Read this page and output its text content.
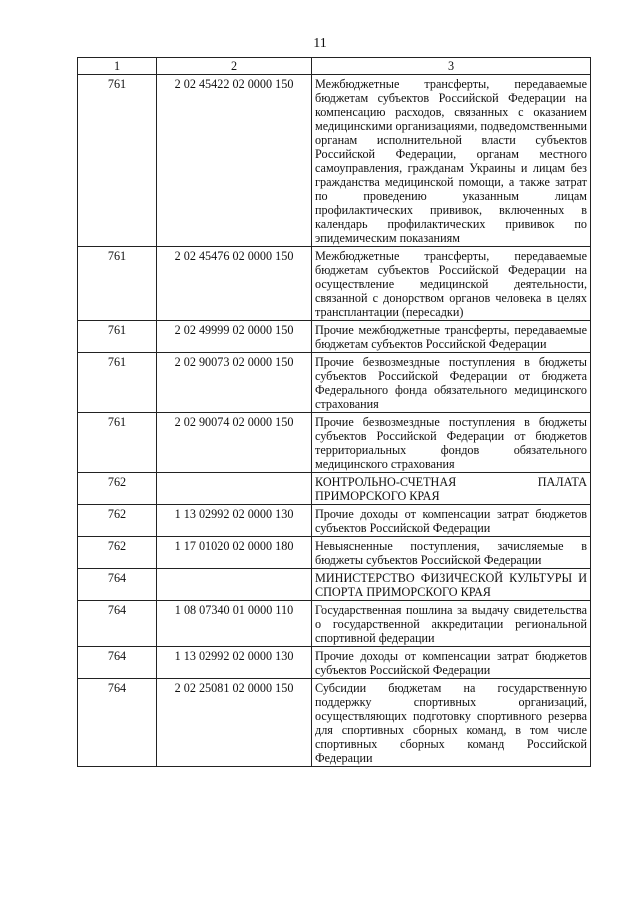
11
1	2	3
761	2 02 45422 02 0000 150	Межбюджетные трансферты, передаваемые бюджетам субъектов Российской Федерации на компенсацию расходов, связанных с оказанием медицинскими организациями, подведомственными органам исполнительной власти субъектов Российской Федерации, органам местного самоуправления, гражданам Украины и лицам без гражданства медицинской помощи, а также затрат по проведению указанным лицам профилактических прививок, включенных в календарь профилактических прививок по эпидемическим показаниям
761	2 02 45476 02 0000 150	Межбюджетные трансферты, передаваемые бюджетам субъектов Российской Федерации на осуществление медицинской деятельности, связанной с донорством органов человека в целях трансплантации (пересадки)
761	2 02 49999 02 0000 150	Прочие межбюджетные трансферты, передаваемые бюджетам субъектов Российской Федерации
761	2 02 90073 02 0000 150	Прочие безвозмездные поступления в бюджеты субъектов Российской Федерации от бюджета Федерального фонда обязательного медицинского страхования
761	2 02 90074 02 0000 150	Прочие безвозмездные поступления в бюджеты субъектов Российской Федерации от бюджетов территориальных фондов обязательного медицинского страхования
762		КОНТРОЛЬНО-СЧЕТНАЯ ПАЛАТА ПРИМОРСКОГО КРАЯ
762	1 13 02992 02 0000 130	Прочие доходы от компенсации затрат бюджетов субъектов Российской Федерации
762	1 17 01020 02 0000 180	Невыясненные поступления, зачисляемые в бюджеты субъектов Российской Федерации
764		МИНИСТЕРСТВО ФИЗИЧЕСКОЙ КУЛЬТУРЫ И СПОРТА ПРИМОРСКОГО КРАЯ
764	1 08 07340 01 0000 110	Государственная пошлина за выдачу свидетельства о государственной аккредитации региональной спортивной федерации
764	1 13 02992 02 0000 130	Прочие доходы от компенсации затрат бюджетов субъектов Российской Федерации
764	2 02 25081 02 0000 150	Субсидии бюджетам на государственную поддержку спортивных организаций, осуществляющих подготовку спортивного резерва для спортивных сборных команд, в том числе спортивных сборных команд Российской Федерации
